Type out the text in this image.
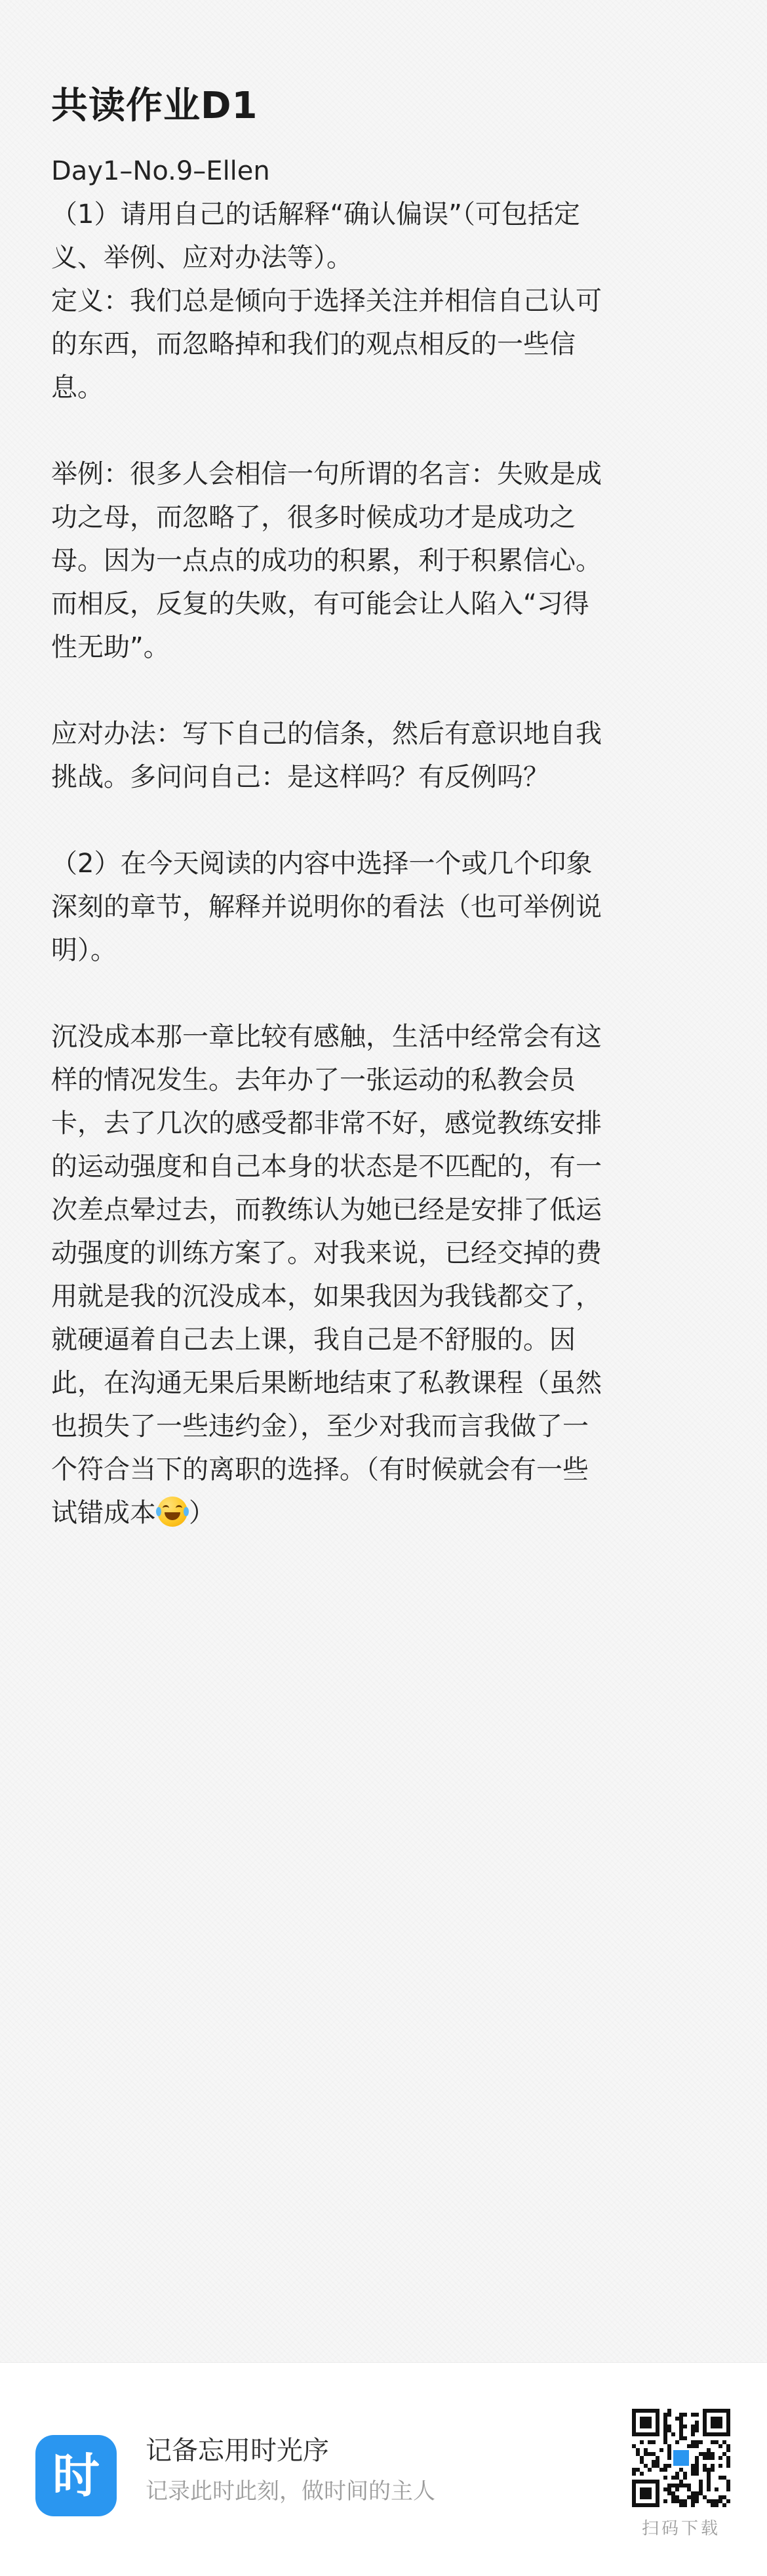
共读作业D1
Day1–No.9–Ellen
（1）请用自己的话解释“确认偏误”（可包括定
义、举例、应对办法等）。
定义：我们总是倾向于选择关注并相信自己认可
的东西，而忽略掉和我们的观点相反的一些信
息。
举例：很多人会相信一句所谓的名言：失败是成
功之母，而忽略了，很多时候成功才是成功之
母。因为一点点的成功的积累，利于积累信心。
而相反，反复的失败，有可能会让人陷入“习得
性无助”。
应对办法：写下自己的信条，然后有意识地自我
挑战。多问问自己：是这样吗？有反例吗？
（2）在今天阅读的内容中选择一个或几个印象
深刻的章节，解释并说明你的看法（也可举例说
明）。
沉没成本那一章比较有感触，生活中经常会有这
样的情况发生。去年办了一张运动的私教会员
卡，去了几次的感受都非常不好，感觉教练安排
的运动强度和自己本身的状态是不匹配的，有一
次差点晕过去，而教练认为她已经是安排了低运
动强度的训练方案了。对我来说，已经交掉的费
用就是我的沉没成本，如果我因为我钱都交了，
就硬逼着自己去上课，我自己是不舒服的。因
此，在沟通无果后果断地结束了私教课程（虽然
也损失了一些违约金），至少对我而言我做了一
个符合当下的离职的选择。（有时候就会有一些
试错成本 ）
时	记备忘用时光序
记录此时此刻，做时间的主人
扫码下载
